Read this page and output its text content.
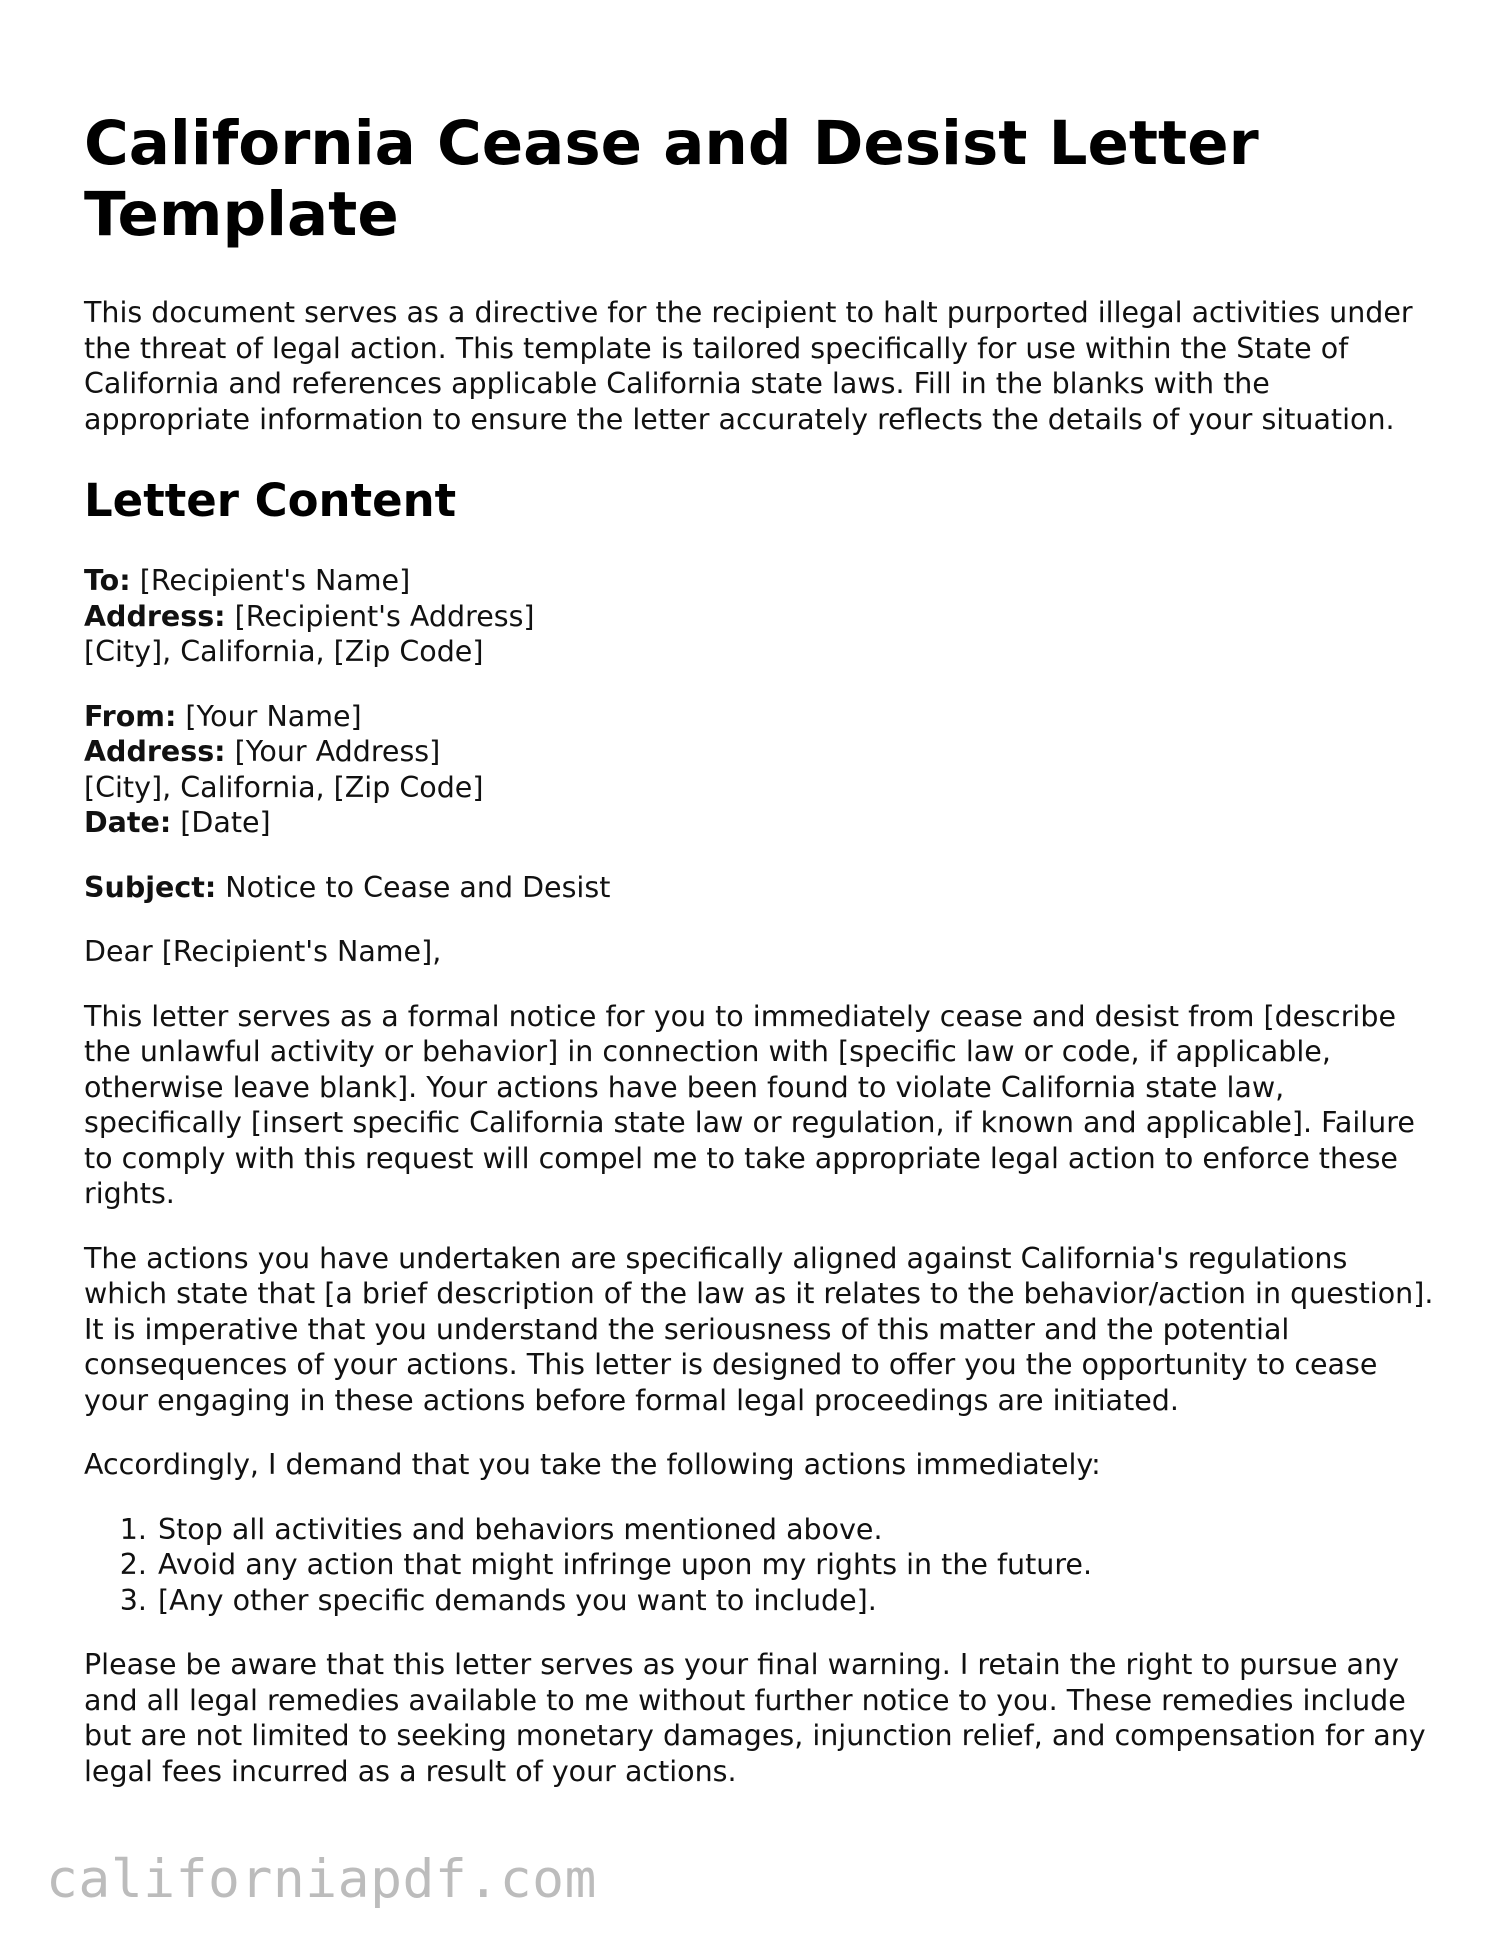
California Cease and Desist Letter Template

This document serves as a directive for the recipient to halt purported illegal activities under the threat of legal action. This template is tailored specifically for use within the State of California and references applicable California state laws. Fill in the blanks with the appropriate information to ensure the letter accurately reflects the details of your situation.

Letter Content
To: [Recipient's Name]
Address: [Recipient's Address]
[City], California, [Zip Code]
From: [Your Name]
Address: [Your Address]
[City], California, [Zip Code]
Date: [Date]
Subject: Notice to Cease and Desist

Dear [Recipient's Name],

This letter serves as a formal notice for you to immediately cease and desist from [describe the unlawful activity or behavior] in connection with [specific law or code, if applicable, otherwise leave blank]. Your actions have been found to violate California state law, specifically [insert specific California state law or regulation, if known and applicable]. Failure to comply with this request will compel me to take appropriate legal action to enforce these rights.

The actions you have undertaken are specifically aligned against California's regulations which state that [a brief description of the law as it relates to the behavior/action in question]. It is imperative that you understand the seriousness of this matter and the potential consequences of your actions. This letter is designed to offer you the opportunity to cease your engaging in these actions before formal legal proceedings are initiated.

Accordingly, I demand that you take the following actions immediately:

1. Stop all activities and behaviors mentioned above.
2. Avoid any action that might infringe upon my rights in the future.
3. [Any other specific demands you want to include].

Please be aware that this letter serves as your final warning. I retain the right to pursue any and all legal remedies available to me without further notice to you. These remedies include but are not limited to seeking monetary damages, injunction relief, and compensation for any legal fees incurred as a result of your actions.

californiapdf.com
